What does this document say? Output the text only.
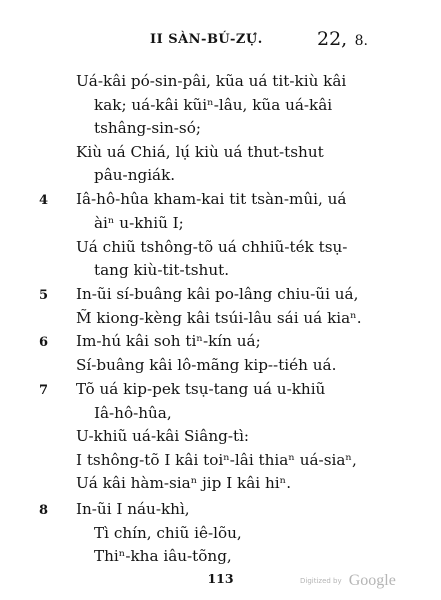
II SÀN-BÚ-ZỤ́.	22, 8.
Uá-kâi pó-sin-pâi, kũa uá tit-kiù kâi
kak; uá-kâi kũiⁿ-lâu, kũa uá-kâi
tshâng-sin-só;
Kiù uá Chiá, lụ́ kiù uá thut-tshut
pâu-ngiák.
4 Iâ-hô-hûa kham-kai tit tsàn-mûi, uá
àiⁿ u-khiũ I;
Uá chiũ tshông-tõ uá chhiũ-ték tsụ-
tang kiù-tit-tshut.
5 In-ũi sí-buâng kâi po-lâng chiu-ũi uá,
M̃ kiong-kèng kâi tsúi-lâu sái uá kiaⁿ.
6 Im-hú kâi soh tiⁿ-kín uá;
Sí-buâng kâi lô-mãng kip--tiéh uá.
7 Tõ uá kip-pek tsụ-tang uá u-khiũ
Iâ-hô-hûa,
U-khiũ uá-kâi Siâng-tì:
I tshông-tõ I kâi toiⁿ-lâi thiaⁿ uá-siaⁿ,
Uá kâi hàm-siaⁿ jip I kâi hiⁿ.
8 In-ũi I náu-khì,
Tì chín, chiũ iê-lõu,
Thiⁿ-kha iâu-tõng,
113	Digitized by Google
